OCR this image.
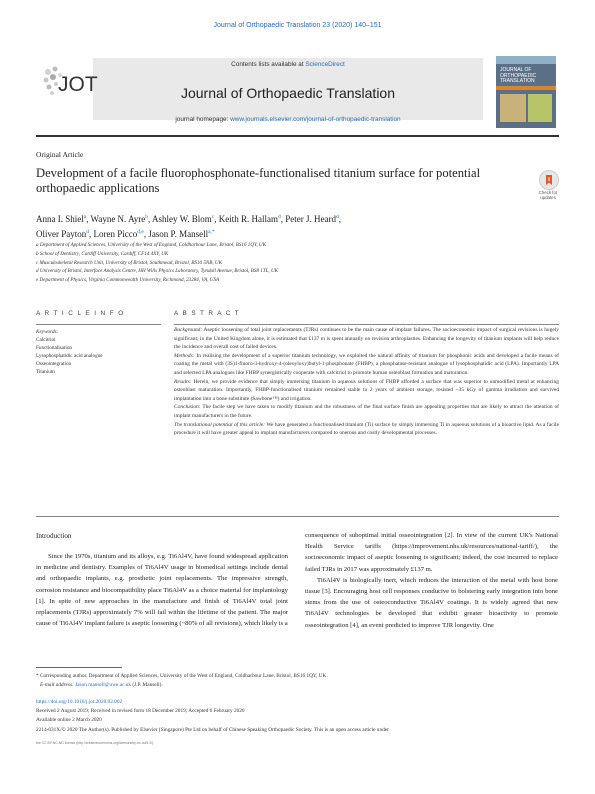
Journal of Orthopaedic Translation 23 (2020) 140–151
Contents lists available at ScienceDirect
Journal of Orthopaedic Translation
journal homepage: www.journals.elsevier.com/journal-of-orthopaedic-translation
JOT
JOURNAL OF ORTHOPAEDIC TRANSLATION
Original Article
Development of a facile fluorophosphonate-functionalised titanium surface for potential orthopaedic applications	Check for updates
Anna I. Shiel$^a$, Wayne N. Ayre$^b$, Ashley W. Blom$^c$, Keith R. Hallam$^d$, Peter J. Heard$^d$,
Oliver Payton$^d$, Loren Picco$^{d,e}$, Jason P. Mansell$^{a,*}$
a Department of Applied Sciences, University of the West of England, Coldharbour Lane, Bristol, BS16 1QY, UK
b School of Dentistry, Cardiff University, Cardiff, CF14 4XY, UK
c Musculoskeletal Research Unit, University of Bristol, Southmead, Bristol, BS10 5NB, UK
d University of Bristol, Interface Analysis Centre, HH Wills Physics Laboratory, Tyndall Avenue, Bristol, BS8 1TL, UK
e Department of Physics, Virginia Commonwealth University, Richmond, 23284, VA, USA
A R T I C L E I N F O	A B S T R A C T
Keywords:
Calcitriol
Functionalisation
Lysophosphatidic acid analogue
Osseointegration
Titanium

Background: Aseptic loosening of total joint replacements (TJRs) continues to be the main cause of implant failures. The socioeconomic impact of surgical revisions is hugely significant; in the United Kingdom alone, it is estimated that £137 m is spent annually on revision arthroplasties. Enhancing the longevity of titanium implants will help reduce the incidence and overall cost of failed devices.

Methods: In realising the development of a superior titanium technology, we exploited the natural affinity of titanium for phosphonic acids and developed a facile means of coating the metal with (3S)1-fluoro-3-hydroxy-4-(oleoyloxy)butyl-1-phosphonate (FHBP), a phosphatase-resistant analogue of lysophosphatidic acid (LPA). Importantly LPA and selected LPA analogues like FHBP synergistically cooperate with calcitriol to promote human osteoblast formation and maturation.

Results: Herein, we provide evidence that simply immersing titanium in aqueous solutions of FHBP afforded a surface that was superior to unmodified metal at enhancing osteoblast maturation. Importantly, FHBP-functionalised titanium remained stable to 2 years of ambient storage, resisted ~35 kGy of gamma irradiation and survived implantation into a bone substitute (Sawbone™) and irrigation.

Conclusion: The facile step we have taken to modify titanium and the robustness of the final surface finish are appealing properties that are likely to attract the attention of implant manufacturers in the future.

The translational potential of this article: We have generated a functionalised titanium (Ti) surface by simply immersing Ti in aqueous solutions of a bioactive lipid. As a facile procedure it will have greater appeal to implant manufacturers compared to onerous and costly developmental processes.

Introduction

Since the 1970s, titanium and its alloys, e.g. Ti6Al4V, have found widespread application in medicine and dentistry. Examples of Ti6Al4V usage in biomedical settings include dental and orthopaedic implants, e.g. prosthetic joint replacements. The impressive strength, corrosion resistance and biocompatibility place Ti6Al4V as a choice material for implantology [1]. In spite of new approaches in the manufacture and finish of Ti6Al4V total joint replacements (TJRs) approximately 7% will fail within the lifetime of the patient. The major cause of Ti6Al4V implant failure is aseptic loosening (~80% of all revisions), which likely is a

consequence of suboptimal initial osseointegration [2]. In view of the current UK's National Health Service tariffs (https://improvement.nhs.uk/resources/national-tariff/), the socioeconomic impact of aseptic loosening is significant; indeed, the cost incurred to replace failed TJRs in 2017 was approximately £137 m.

Ti6Al4V is biologically inert, which reduces the interaction of the metal with host bone tissue [3]. Encouraging host cell responses conducive to bolstering early integration into bone stems from the use of osteoconductive Ti6Al4V coatings. It is widely agreed that new Ti6Al4V technologies be developed that exhibit greater bioactivity to promote osseointegration [4], an event predicted to improve TJR longevity. One

* Corresponding author. Department of Applied Sciences, University of the West of England, Coldharbour Lane, Bristol, BS16 1QY, UK.
E-mail address: Jason.mansell@uwe.ac.uk (J.P. Mansell).
https://doi.org/10.1016/j.jot.2020.02.002
Received 2 August 2019; Received in revised form 18 December 2019; Accepted 6 February 2020
Available online 2 March 2020
2214-031X/© 2020 The Author(s). Published by Elsevier (Singapore) Pte Ltd on behalf of Chinese Speaking Orthopaedic Society. This is an open access article under
the CC BY-NC-ND license (http://creativecommons.org/licenses/by-nc-nd/4.0/).
